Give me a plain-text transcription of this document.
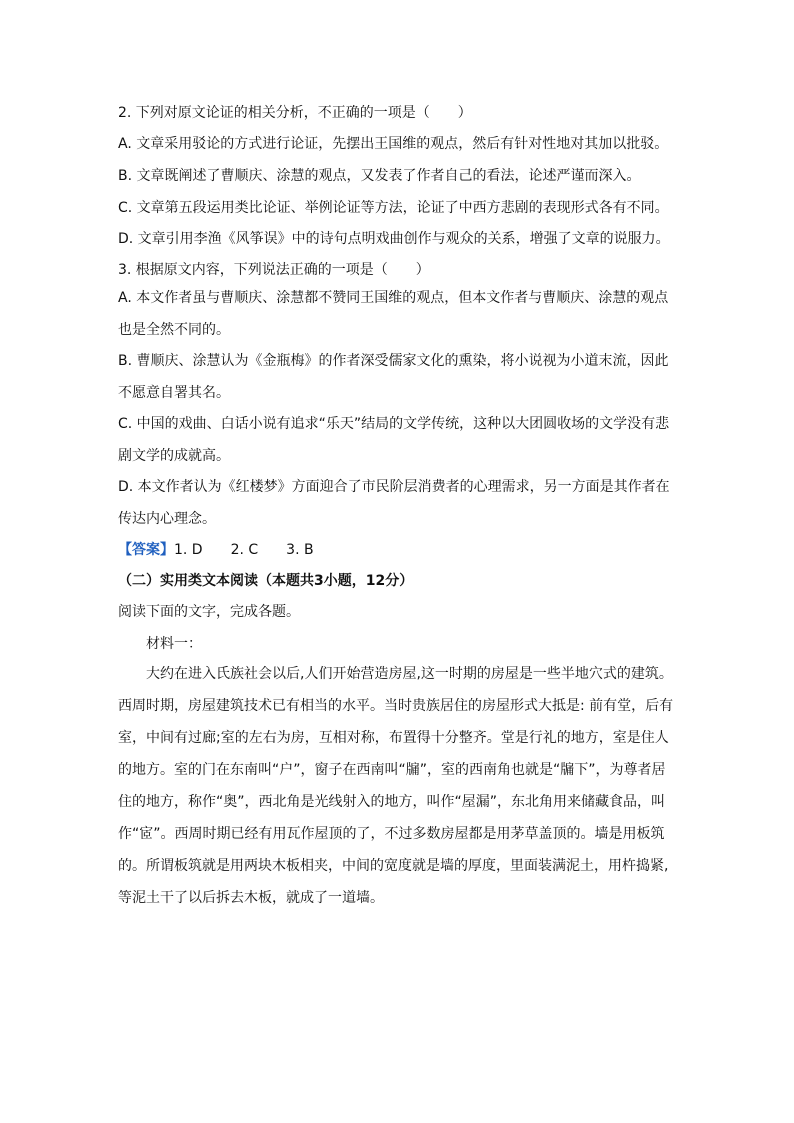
2. 下列对原文论证的相关分析，不正确的一项是（　　）
A. 文章采用驳论的方式进行论证，先摆出王国维的观点，然后有针对性地对其加以批驳。
B. 文章既阐述了曹顺庆、涂慧的观点，又发表了作者自己的看法，论述严谨而深入。
C. 文章第五段运用类比论证、举例论证等方法，论证了中西方悲剧的表现形式各有不同。
D. 文章引用李渔《风筝误》中的诗句点明戏曲创作与观众的关系，增强了文章的说服力。
3. 根据原文内容，下列说法正确的一项是（　　）
A. 本文作者虽与曹顺庆、涂慧都不赞同王国维的观点，但本文作者与曹顺庆、涂慧的观点也是全然不同的。
B. 曹顺庆、涂慧认为《金瓶梅》的作者深受儒家文化的熏染，将小说视为小道末流，因此不愿意自署其名。
C. 中国的戏曲、白话小说有追求“乐天”结局的文学传统，这种以大团圆收场的文学没有悲剧文学的成就高。
D. 本文作者认为《红楼梦》方面迎合了市民阶层消费者的心理需求，另一方面是其作者在传达内心理念。
【答案】1. D　　2. C　　3. B
（二）实用类文本阅读（本题共3小题，12分）
阅读下面的文字，完成各题。
材料一：
大约在进入氏族社会以后,人们开始营造房屋,这一时期的房屋是一些半地穴式的建筑。西周时期，房屋建筑技术已有相当的水平。当时贵族居住的房屋形式大抵是: 前有堂，后有室，中间有过廊;室的左右为房，互相对称，布置得十分整齐。堂是行礼的地方，室是住人的地方。室的门在东南叫“户”，窗子在西南叫“牖”，室的西南角也就是“牖下”，为尊者居住的地方，称作“奥”，西北角是光线射入的地方，叫作“屋漏”，东北角用来储藏食品，叫作“宧”。西周时期已经有用瓦作屋顶的了，不过多数房屋都是用茅草盖顶的。墙是用板筑的。所谓板筑就是用两块木板相夹，中间的宽度就是墙的厚度，里面装满泥土，用杵捣紧,等泥土干了以后拆去木板，就成了一道墙。
